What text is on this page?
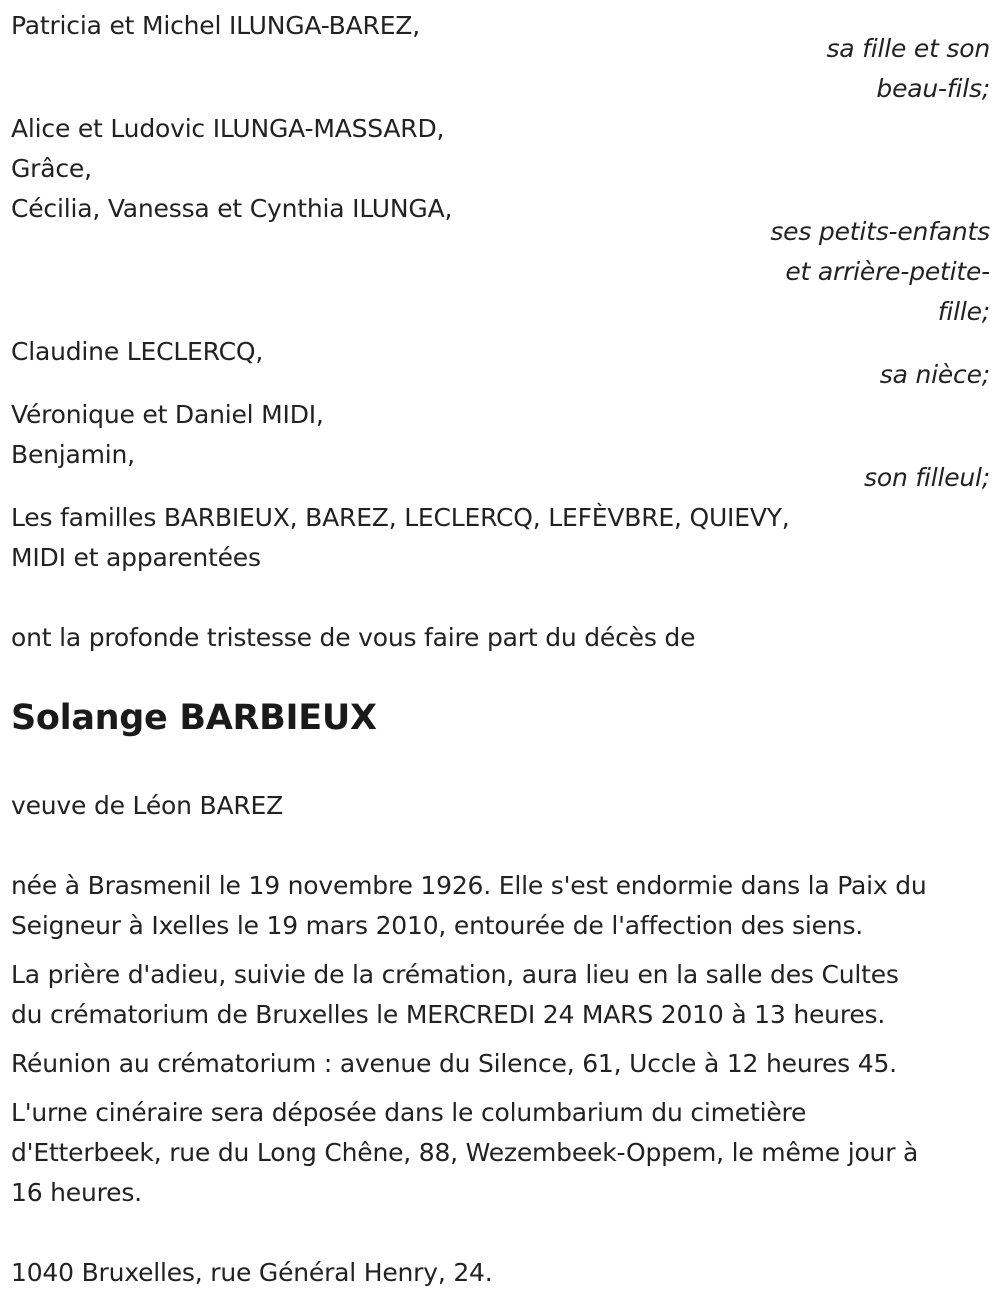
Patricia et Michel ILUNGA-BAREZ,
sa fille et son
beau-fils;
Alice et Ludovic ILUNGA-MASSARD,
Grâce,
Cécilia, Vanessa et Cynthia ILUNGA,
ses petits-enfants
et arrière-petite-
fille;
Claudine LECLERCQ,
sa nièce;
Véronique et Daniel MIDI,
Benjamin,
son filleul;
Les familles BARBIEUX, BAREZ, LECLERCQ, LEFÈVBRE, QUIEVY,
MIDI et apparentées
ont la profonde tristesse de vous faire part du décès de
Solange BARBIEUX
veuve de Léon BAREZ
née à Brasmenil le 19 novembre 1926. Elle s'est endormie dans la Paix du
Seigneur à Ixelles le 19 mars 2010, entourée de l'affection des siens.
La prière d'adieu, suivie de la crémation, aura lieu en la salle des Cultes
du crématorium de Bruxelles le MERCREDI 24 MARS 2010 à 13 heures.
Réunion au crématorium : avenue du Silence, 61, Uccle à 12 heures 45.
L'urne cinéraire sera déposée dans le columbarium du cimetière
d'Etterbeek, rue du Long Chêne, 88, Wezembeek-Oppem, le même jour à
16 heures.
1040 Bruxelles, rue Général Henry, 24.
